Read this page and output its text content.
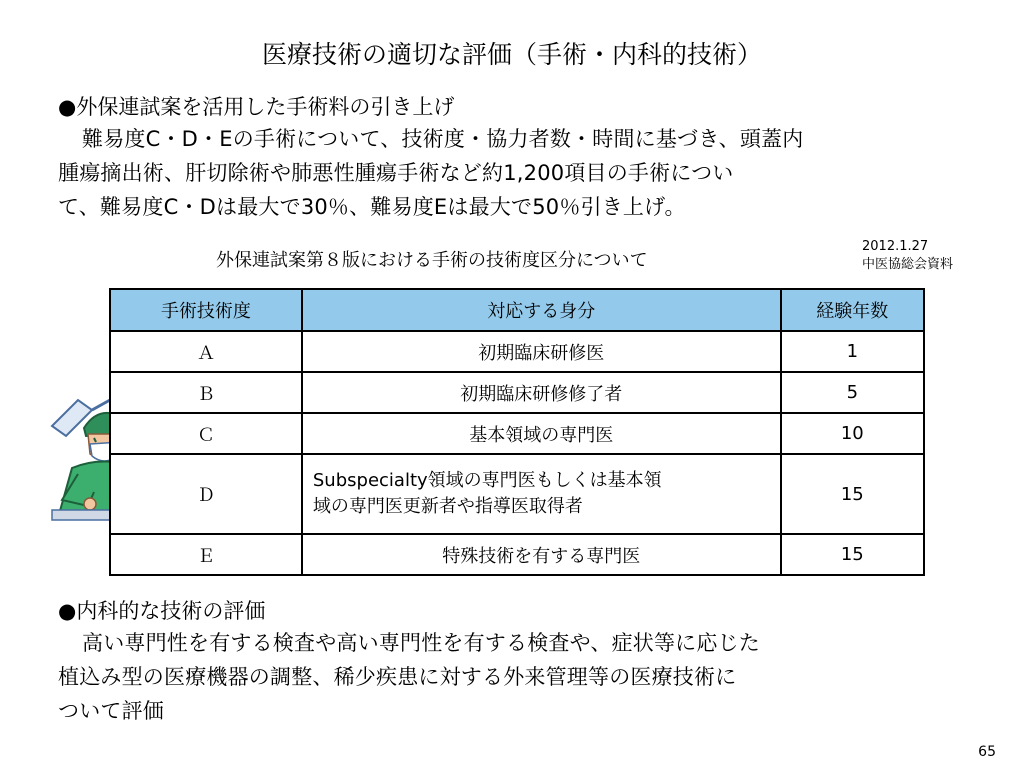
医療技術の適切な評価（手術・内科的技術）
●外保連試案を活用した手術料の引き上げ
難易度C・D・Eの手術について、技術度・協力者数・時間に基づき、頭蓋内
腫瘍摘出術、肝切除術や肺悪性腫瘍手術など約1,200項目の手術につい
て、難易度C・Dは最大で30％、難易度Eは最大で50％引き上げ。
外保連試案第８版における手術の技術度区分について
2012.1.27
中医協総会資料
手術技術度	対応する身分	経験年数
Ａ	初期臨床研修医	1
Ｂ	初期臨床研修修了者	5
Ｃ	基本領域の専門医	10
Ｄ	Subspecialty領域の専門医もしくは基本領
域の専門医更新者や指導医取得者	15
Ｅ	特殊技術を有する専門医	15
●内科的な技術の評価
高い専門性を有する検査や高い専門性を有する検査や、症状等に応じた
植込み型の医療機器の調整、稀少疾患に対する外来管理等の医療技術に
ついて評価
65
